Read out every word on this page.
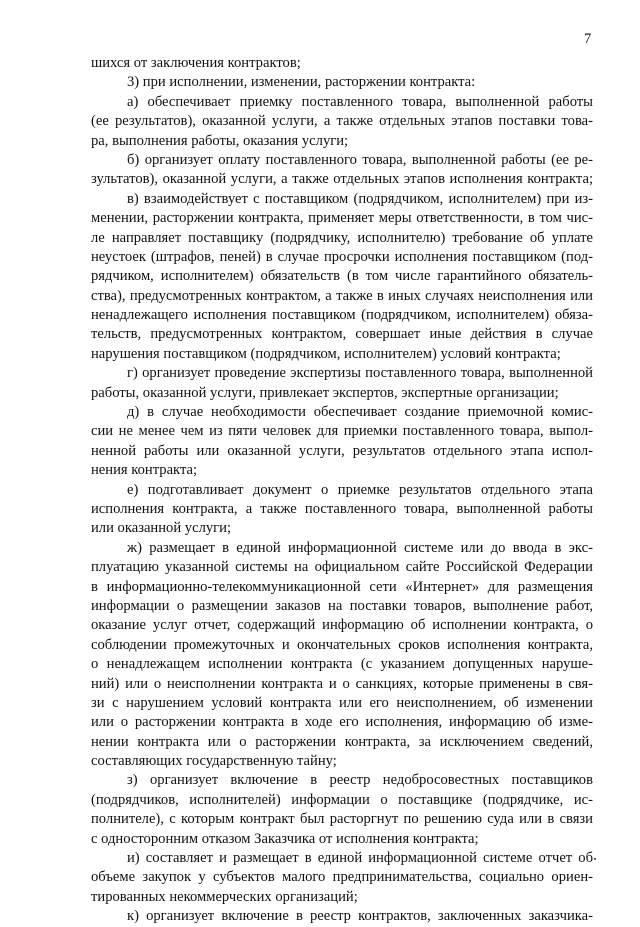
7
шихся от заключения контрактов;
3) при исполнении, изменении, расторжении контракта:
а) обеспечивает приемку поставленного товара, выполненной работы
(ее результатов), оказанной услуги, а также отдельных этапов поставки това-
ра, выполнения работы, оказания услуги;
б) организует оплату поставленного товара, выполненной работы (ее ре-
зультатов), оказанной услуги, а также отдельных этапов исполнения контракта;
в) взаимодействует с поставщиком (подрядчиком, исполнителем) при из-
менении, расторжении контракта, применяет меры ответственности, в том чис-
ле направляет поставщику (подрядчику, исполнителю) требование об уплате
неустоек (штрафов, пеней) в случае просрочки исполнения поставщиком (под-
рядчиком, исполнителем) обязательств (в том числе гарантийного обязатель-
ства), предусмотренных контрактом, а также в иных случаях неисполнения или
ненадлежащего исполнения поставщиком (подрядчиком, исполнителем) обяза-
тельств, предусмотренных контрактом, совершает иные действия в случае
нарушения поставщиком (подрядчиком, исполнителем) условий контракта;
г) организует проведение экспертизы поставленного товара, выполненной
работы, оказанной услуги, привлекает экспертов, экспертные организации;
д) в случае необходимости обеспечивает создание приемочной комис-
сии не менее чем из пяти человек для приемки поставленного товара, выпол-
ненной работы или оказанной услуги, результатов отдельного этапа испол-
нения контракта;
е) подготавливает документ о приемке результатов отдельного этапа
исполнения контракта, а также поставленного товара, выполненной работы
или оказанной услуги;
ж) размещает в единой информационной системе или до ввода в экс-
плуатацию указанной системы на официальном сайте Российской Федерации
в информационно-телекоммуникационной сети «Интернет» для размещения
информации о размещении заказов на поставки товаров, выполнение работ,
оказание услуг отчет, содержащий информацию об исполнении контракта, о
соблюдении промежуточных и окончательных сроков исполнения контракта,
о ненадлежащем исполнении контракта (с указанием допущенных наруше-
ний) или о неисполнении контракта и о санкциях, которые применены в свя-
зи с нарушением условий контракта или его неисполнением, об изменении
или о расторжении контракта в ходе его исполнения, информацию об изме-
нении контракта или о расторжении контракта, за исключением сведений,
составляющих государственную тайну;
з) организует включение в реестр недобросовестных поставщиков
(подрядчиков, исполнителей) информации о поставщике (подрядчике, ис-
полнителе), с которым контракт был расторгнут по решению суда или в связи
с односторонним отказом Заказчика от исполнения контракта;
и) составляет и размещает в единой информационной системе отчет об
объеме закупок у субъектов малого предпринимательства, социально ориен-
тированных некоммерческих организаций;
к) организует включение в реестр контрактов, заключенных заказчика-
